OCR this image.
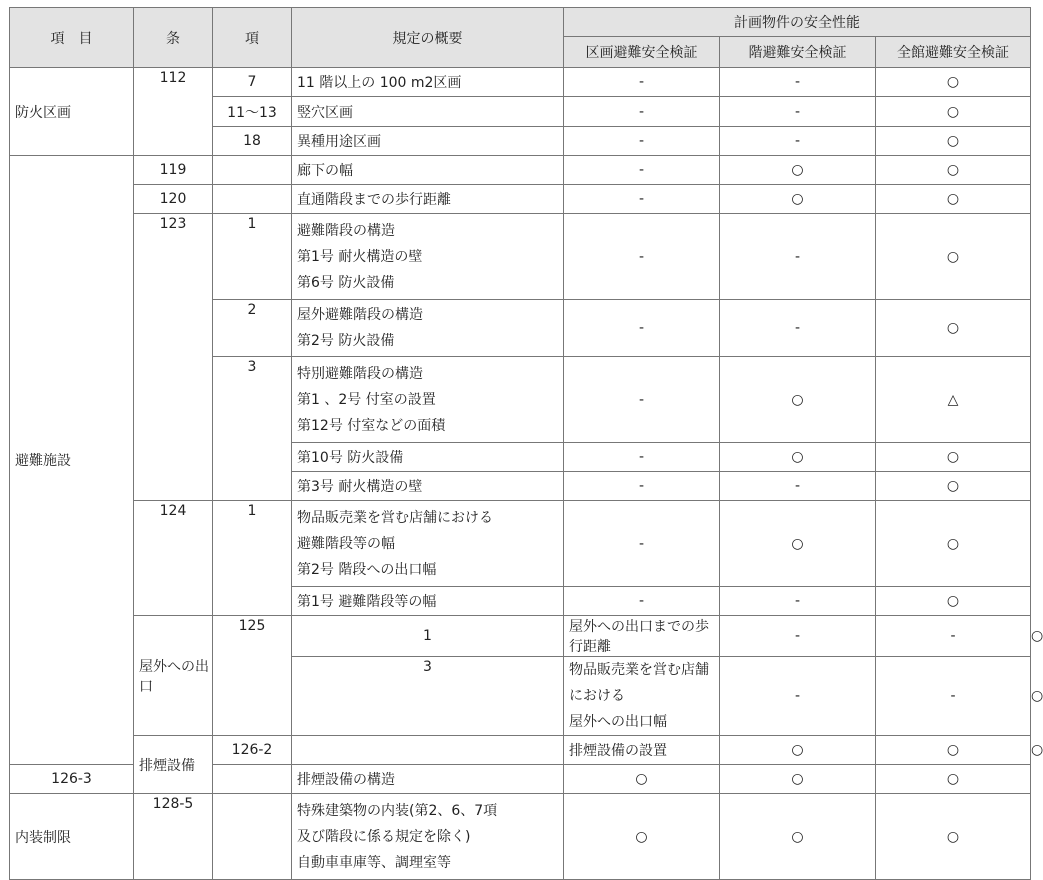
項　目	条	項	規定の概要	計画物件の安全性能			
				区画避難安全検証	階避難安全検証	全館避難安全検証	
防火区画	112	7	11 階以上の 100 m2区画	-	-	○	
		11～13	竪穴区画	-	-	○	
		18	異種用途区画	-	-	○	
避難施設	119		廊下の幅	-	○	○	
	120		直通階段までの歩行距離	-	○	○	
	123	1	避難階段の構造
第1号 耐火構造の壁
第6号 防火設備	-	-	○	
		2	屋外避難階段の構造
第2号 防火設備	-	-	○	
		3	特別避難階段の構造
第1 、2号 付室の設置
第12号 付室などの面積	-	○	△	

			第10号 防火設備	-	○	○	

			第3号 耐火構造の壁	-	-	○	
	124	1	物品販売業を営む店舗における
避難階段等の幅
第2号 階段への出口幅	-	○	○	

			第1号 避難階段等の幅	-	-	○	
	屋外への出口	125	1	屋外への出口までの歩行距離	-	-	○
			3	物品販売業を営む店舗における
屋外への出口幅	-	-	○
	排煙設備	126-2		排煙設備の設置	○	○	○
126-3			排煙設備の構造	○	○	○	
内装制限	128-5		特殊建築物の内装(第2、6、7項
及び階段に係る規定を除く)
自動車車庫等、調理室等	○	○	○	
